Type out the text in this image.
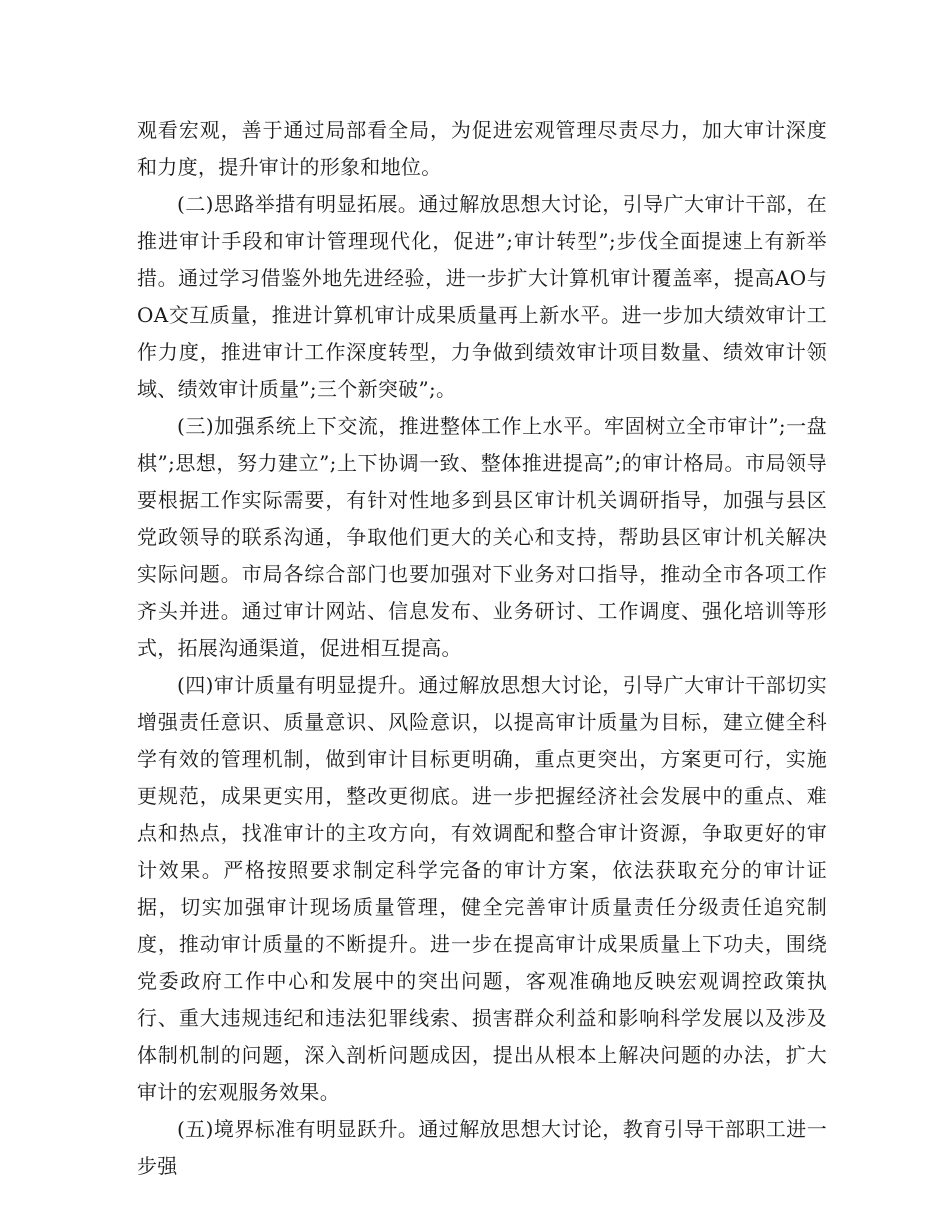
观看宏观，善于通过局部看全局，为促进宏观管理尽责尽力，加大审计深度和力度，提升审计的形象和地位。

(二)思路举措有明显拓展。通过解放思想大讨论，引导广大审计干部，在推进审计手段和审计管理现代化，促进”;审计转型”;步伐全面提速上有新举措。通过学习借鉴外地先进经验，进一步扩大计算机审计覆盖率，提高AO与OA交互质量，推进计算机审计成果质量再上新水平。进一步加大绩效审计工作力度，推进审计工作深度转型，力争做到绩效审计项目数量、绩效审计领域、绩效审计质量”;三个新突破”;。

(三)加强系统上下交流，推进整体工作上水平。牢固树立全市审计”;一盘棋”;思想，努力建立”;上下协调一致、整体推进提高”;的审计格局。市局领导要根据工作实际需要，有针对性地多到县区审计机关调研指导，加强与县区党政领导的联系沟通，争取他们更大的关心和支持，帮助县区审计机关解决实际问题。市局各综合部门也要加强对下业务对口指导，推动全市各项工作齐头并进。通过审计网站、信息发布、业务研讨、工作调度、强化培训等形式，拓展沟通渠道，促进相互提高。

(四)审计质量有明显提升。通过解放思想大讨论，引导广大审计干部切实增强责任意识、质量意识、风险意识，以提高审计质量为目标，建立健全科学有效的管理机制，做到审计目标更明确，重点更突出，方案更可行，实施更规范，成果更实用，整改更彻底。进一步把握经济社会发展中的重点、难点和热点，找准审计的主攻方向，有效调配和整合审计资源，争取更好的审计效果。严格按照要求制定科学完备的审计方案，依法获取充分的审计证据，切实加强审计现场质量管理，健全完善审计质量责任分级责任追究制度，推动审计质量的不断提升。进一步在提高审计成果质量上下功夫，围绕党委政府工作中心和发展中的突出问题，客观准确地反映宏观调控政策执行、重大违规违纪和违法犯罪线索、损害群众利益和影响科学发展以及涉及体制机制的问题，深入剖析问题成因，提出从根本上解决问题的办法，扩大审计的宏观服务效果。

(五)境界标准有明显跃升。通过解放思想大讨论，教育引导干部职工进一步强
